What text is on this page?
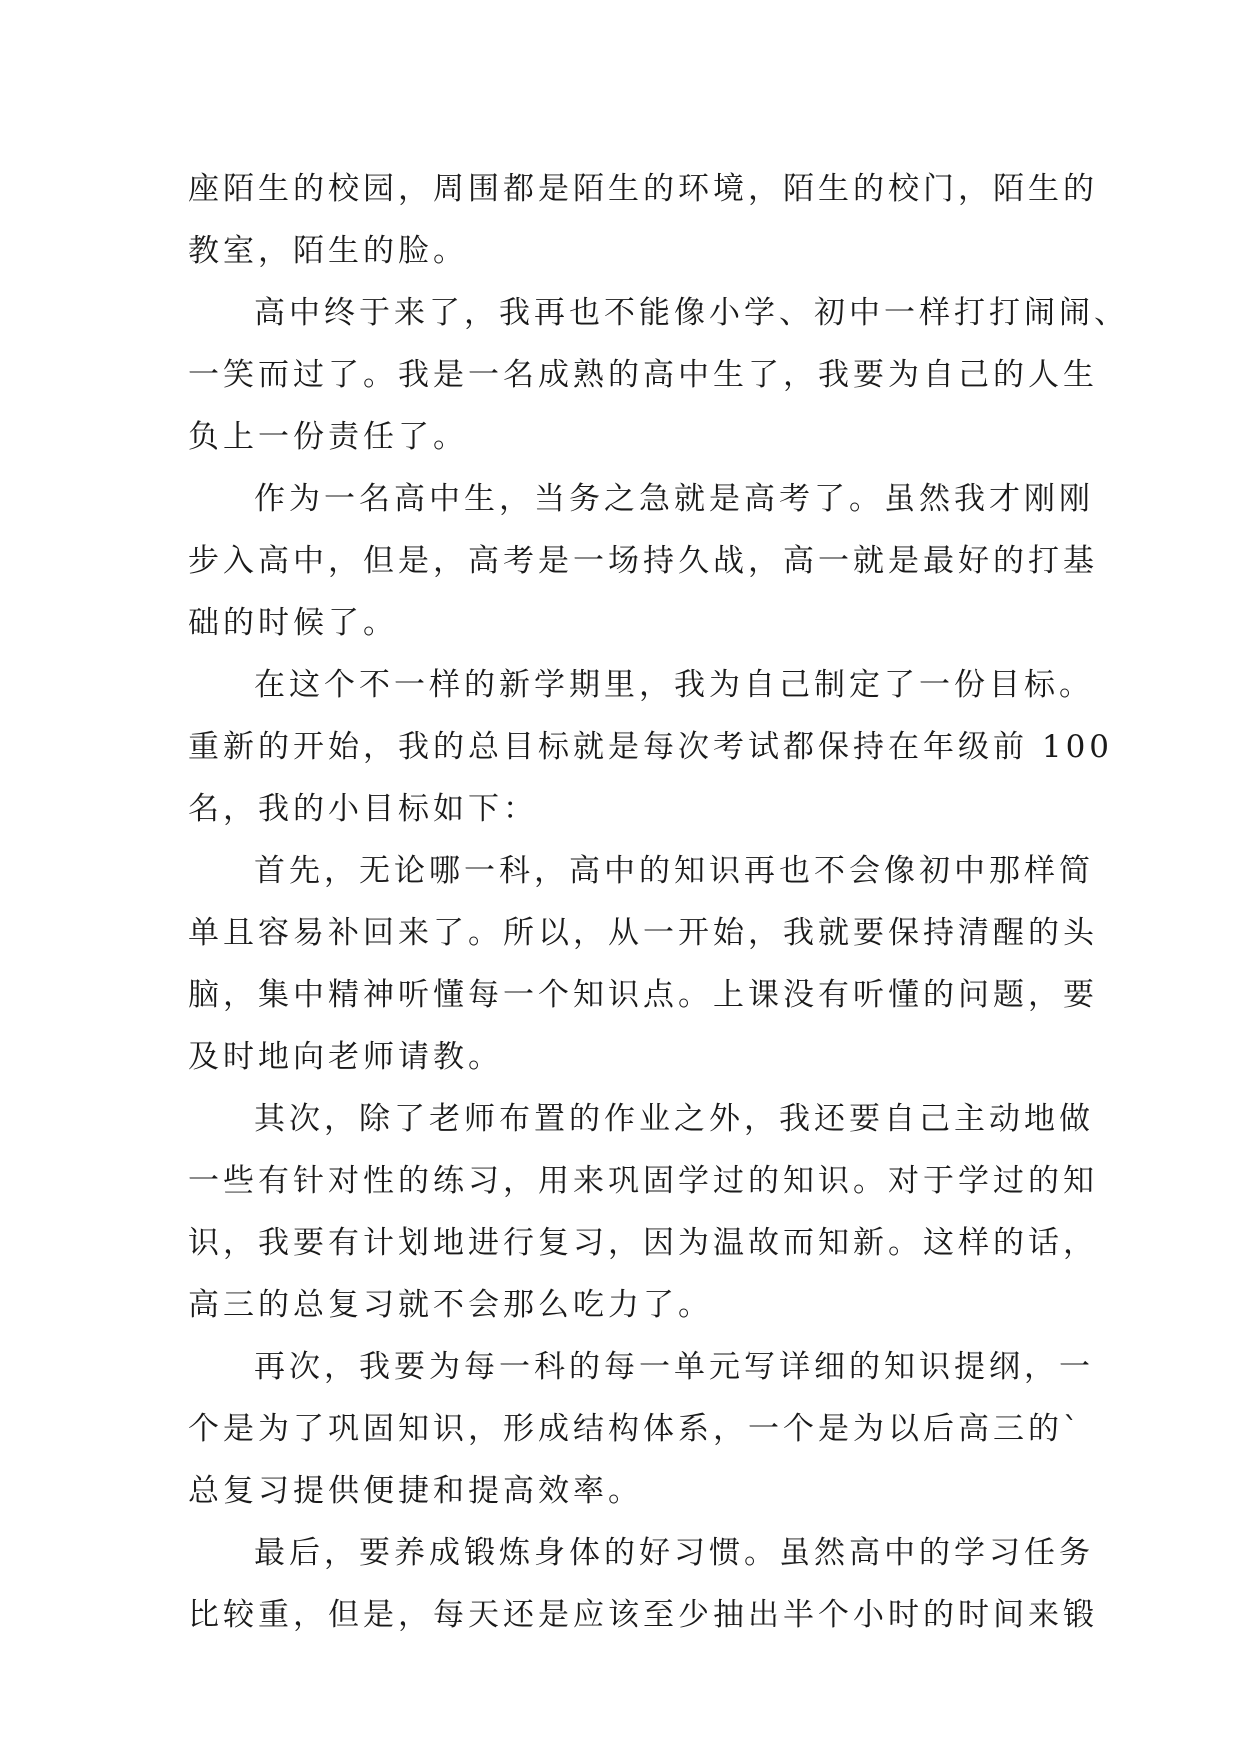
座陌生的校园，周围都是陌生的环境，陌生的校门，陌生的
教室，陌生的脸。
高中终于来了，我再也不能像小学、初中一样打打闹闹、
一笑而过了。我是一名成熟的高中生了，我要为自己的人生
负上一份责任了。
作为一名高中生，当务之急就是高考了。虽然我才刚刚
步入高中，但是，高考是一场持久战，高一就是最好的打基
础的时候了。
在这个不一样的新学期里，我为自己制定了一份目标。
重新的开始，我的总目标就是每次考试都保持在年级前 100
名，我的小目标如下：
首先，无论哪一科，高中的知识再也不会像初中那样简
单且容易补回来了。所以，从一开始，我就要保持清醒的头
脑，集中精神听懂每一个知识点。上课没有听懂的问题，要
及时地向老师请教。
其次，除了老师布置的作业之外，我还要自己主动地做
一些有针对性的练习，用来巩固学过的知识。对于学过的知
识，我要有计划地进行复习，因为温故而知新。这样的话，
高三的总复习就不会那么吃力了。
再次，我要为每一科的每一单元写详细的知识提纲，一
个是为了巩固知识，形成结构体系，一个是为以后高三的`
总复习提供便捷和提高效率。
最后，要养成锻炼身体的好习惯。虽然高中的学习任务
比较重，但是，每天还是应该至少抽出半个小时的时间来锻
